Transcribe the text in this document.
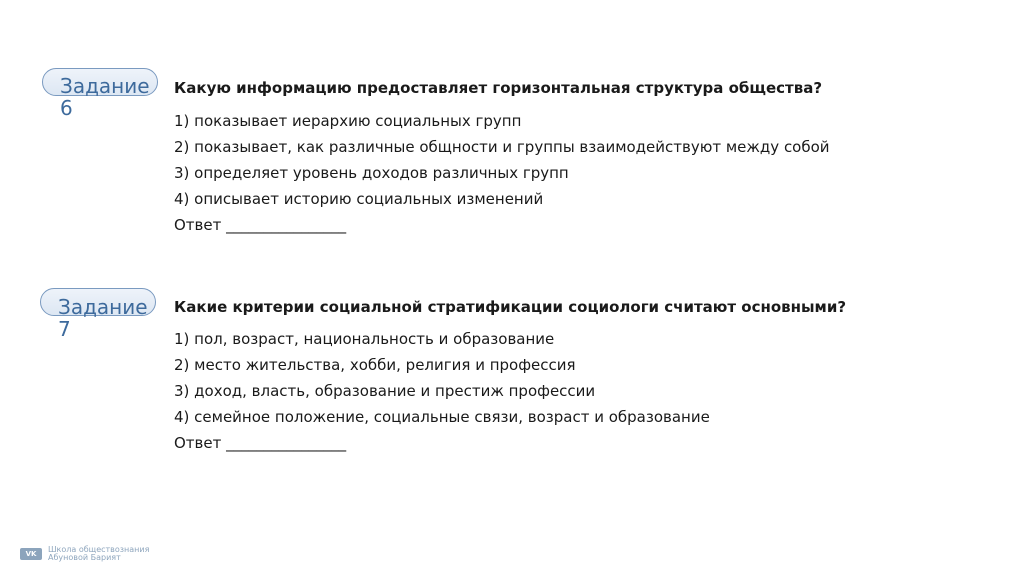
Задание 6
Какую информацию предоставляет горизонтальная структура общества?
1) показывает иерархию социальных групп
2) показывает, как различные общности и группы взаимодействуют между собой
3) определяет уровень доходов различных групп
4) описывает историю социальных изменений
Ответ ________________
Задание 7
Какие критерии социальной стратификации социологи считают основными?
1) пол, возраст, национальность и образование
2) место жительства, хобби, религия и профессия
3) доход, власть, образование и престиж профессии
4) семейное положение, социальные связи, возраст и образование
Ответ ________________
VK	Школа обществознания
Абуновой Барият
